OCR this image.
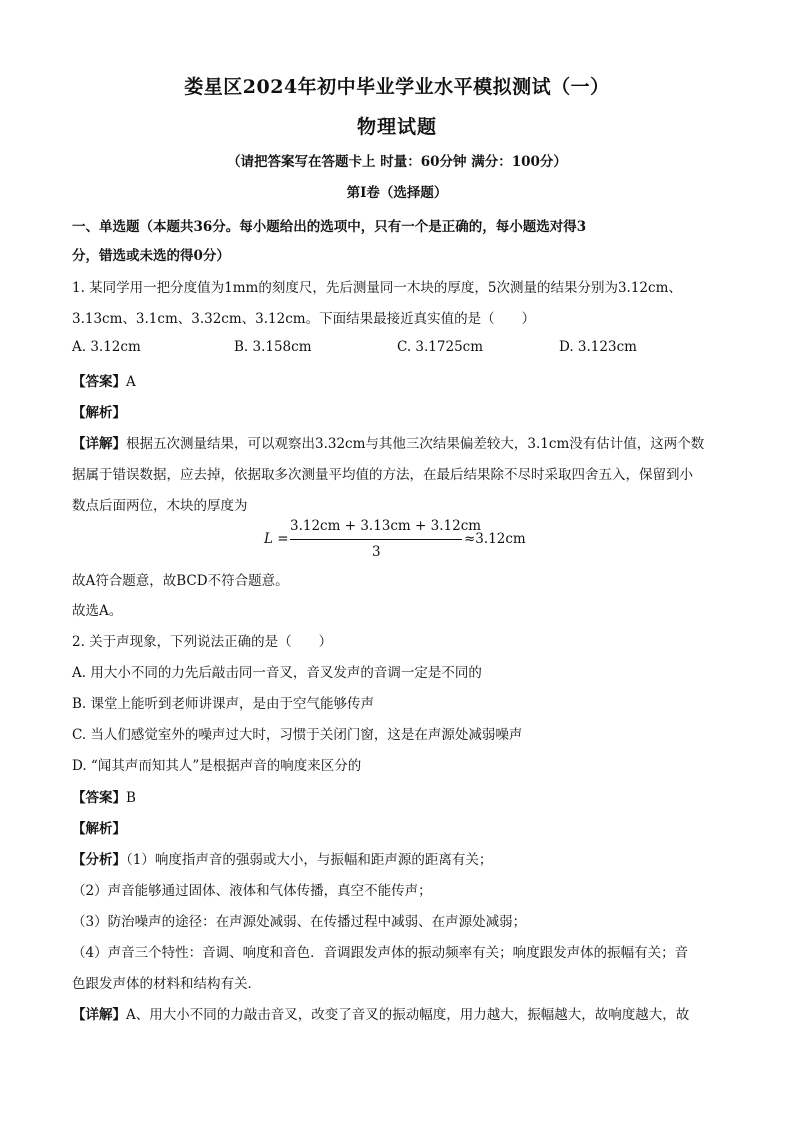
娄星区2024年初中毕业学业水平模拟测试（一）
物理试题
（请把答案写在答题卡上 时量：60分钟 满分：100分）
第Ⅰ卷（选择题）
一、单选题（本题共36分。每小题给出的选项中，只有一个是正确的，每小题选对得3
分，错选或未选的得0分）
1. 某同学用一把分度值为1mm的刻度尺，先后测量同一木块的厚度，5次测量的结果分别为3.12cm、
3.13cm、3.1cm、3.32cm、3.12cm。下面结果最接近真实值的是（　　）
A. 3.12cm	B. 3.158cm	C. 3.1725cm	D. 3.123cm
【答案】A
【解析】
【详解】根据五次测量结果，可以观察出3.32cm与其他三次结果偏差较大，3.1cm没有估计值，这两个数
据属于错误数据，应去掉，依据取多次测量平均值的方法，在最后结果除不尽时采取四舍五入，保留到小
数点后面两位，木块的厚度为
L =
3.12cm + 3.13cm + 3.12cm
3
≈3.12cm
故A符合题意，故BCD不符合题意。
故选A。
2. 关于声现象，下列说法正确的是（　　）
A. 用大小不同的力先后敲击同一音叉，音叉发声的音调一定是不同的
B. 课堂上能听到老师讲课声，是由于空气能够传声
C. 当人们感觉室外的噪声过大时，习惯于关闭门窗，这是在声源处减弱噪声
D. “闻其声而知其人”是根据声音的响度来区分的
【答案】B
【解析】
【分析】（1）响度指声音的强弱或大小，与振幅和距声源的距离有关；
（2）声音能够通过固体、液体和气体传播，真空不能传声；
（3）防治噪声的途径：在声源处减弱、在传播过程中减弱、在声源处减弱；
（4）声音三个特性：音调、响度和音色．音调跟发声体的振动频率有关；响度跟发声体的振幅有关；音
色跟发声体的材料和结构有关．
【详解】A、用大小不同的力敲击音叉，改变了音叉的振动幅度，用力越大，振幅越大，故响度越大，故
